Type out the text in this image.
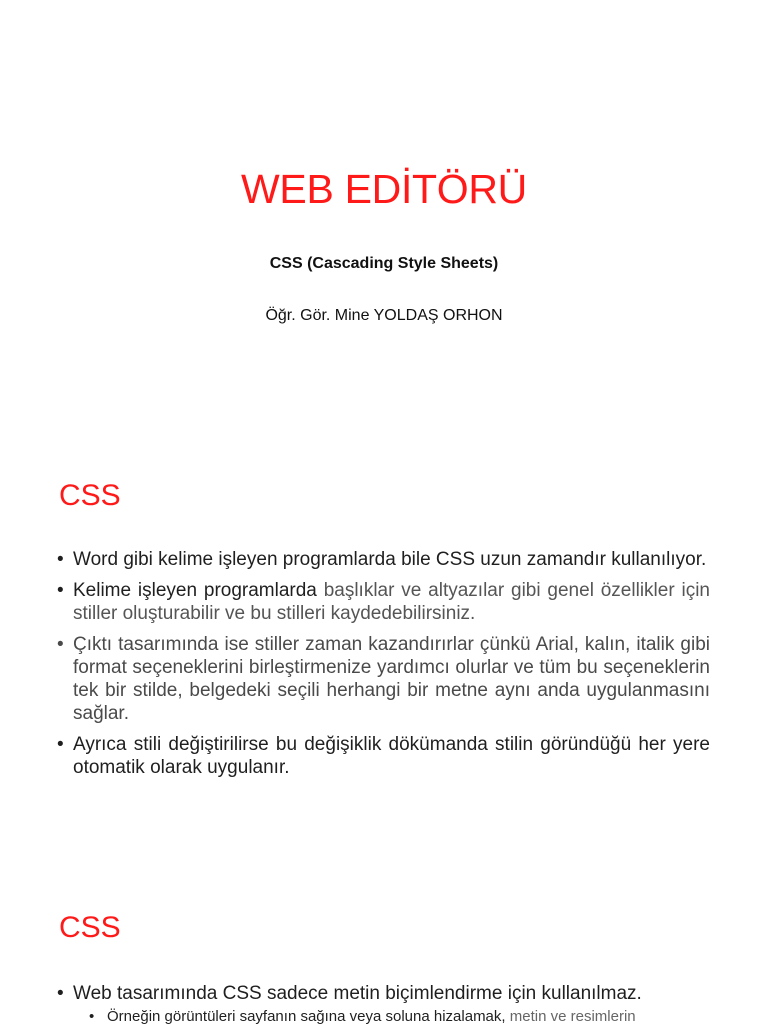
WEB EDİTÖRÜ
CSS (Cascading Style Sheets)
Öğr. Gör. Mine YOLDAŞ ORHON
CSS
• Word gibi kelime işleyen programlarda bile CSS uzun zamandır kullanılıyor.
• Kelime işleyen programlarda başlıklar ve altyazılar gibi genel özellikler için stiller oluşturabilir ve bu stilleri kaydedebilirsiniz.
• Çıktı tasarımında ise stiller zaman kazandırırlar çünkü Arial, kalın, italik gibi format seçeneklerini birleştirmenize yardımcı olurlar ve tüm bu seçeneklerin tek bir stilde, belgedeki seçili herhangi bir metne aynı anda uygulanmasını sağlar.
• Ayrıca stili değiştirilirse bu değişiklik dökümanda stilin göründüğü her yere otomatik olarak uygulanır.
CSS
• Web tasarımında CSS sadece metin biçimlendirme için kullanılmaz.
• Örneğin görüntüleri sayfanın sağına veya soluna hizalamak, metin ve resimlerin
